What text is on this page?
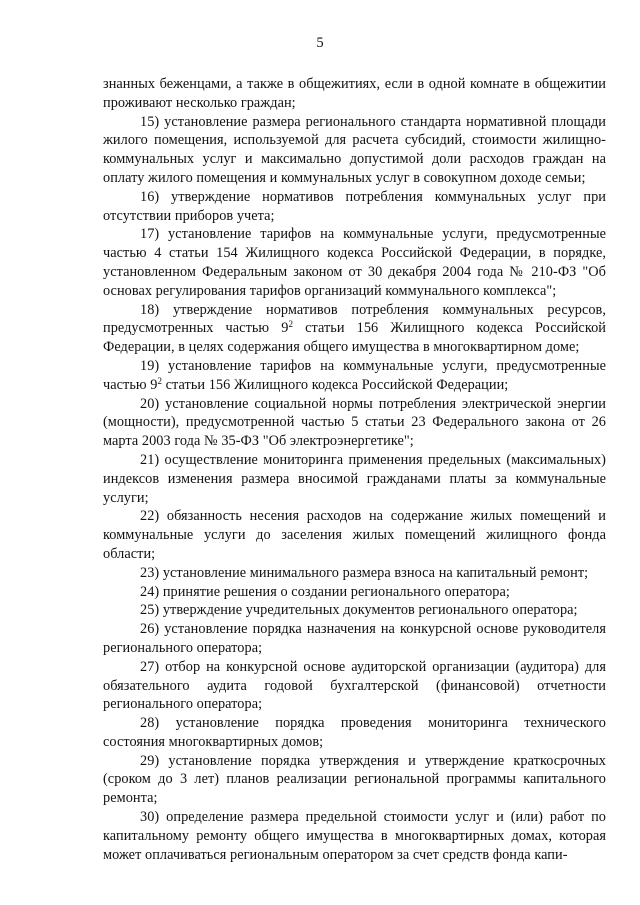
5

знанных беженцами, а также в общежитиях, если в одной комнате в общежитии проживают несколько граждан;

15) установление размера регионального стандарта нормативной площади жилого помещения, используемой для расчета субсидий, стоимости жилищно-коммунальных услуг и максимально допустимой доли расходов граждан на оплату жилого помещения и коммунальных услуг в совокупном доходе семьи;

16) утверждение нормативов потребления коммунальных услуг при отсутствии приборов учета;

17) установление тарифов на коммунальные услуги, предусмотренные частью 4 статьи 154 Жилищного кодекса Российской Федерации, в порядке, установленном Федеральным законом от 30 декабря 2004 года № 210-ФЗ "Об основах регулирования тарифов организаций коммунального комплекса";

18) утверждение нормативов потребления коммунальных ресурсов, предусмотренных частью $9^2$ статьи 156 Жилищного кодекса Российской Федерации, в целях содержания общего имущества в многоквартирном доме;

19) установление тарифов на коммунальные услуги, предусмотренные частью $9^2$ статьи 156 Жилищного кодекса Российской Федерации;

20) установление социальной нормы потребления электрической энергии (мощности), предусмотренной частью 5 статьи 23 Федерального закона от 26 марта 2003 года № 35-ФЗ "Об электроэнергетике";

21) осуществление мониторинга применения предельных (максимальных) индексов изменения размера вносимой гражданами платы за коммунальные услуги;

22) обязанность несения расходов на содержание жилых помещений и коммунальные услуги до заселения жилых помещений жилищного фонда области;

23) установление минимального размера взноса на капитальный ремонт;

24) принятие решения о создании регионального оператора;

25) утверждение учредительных документов регионального оператора;

26) установление порядка назначения на конкурсной основе руководителя регионального оператора;

27) отбор на конкурсной основе аудиторской организации (аудитора) для обязательного аудита годовой бухгалтерской (финансовой) отчетности регионального оператора;

28) установление порядка проведения мониторинга технического состояния многоквартирных домов;

29) установление порядка утверждения и утверждение краткосрочных (сроком до 3 лет) планов реализации региональной программы капитального ремонта;

30) определение размера предельной стоимости услуг и (или) работ по капитальному ремонту общего имущества в многоквартирных домах, которая может оплачиваться региональным оператором за счет средств фонда капи-
